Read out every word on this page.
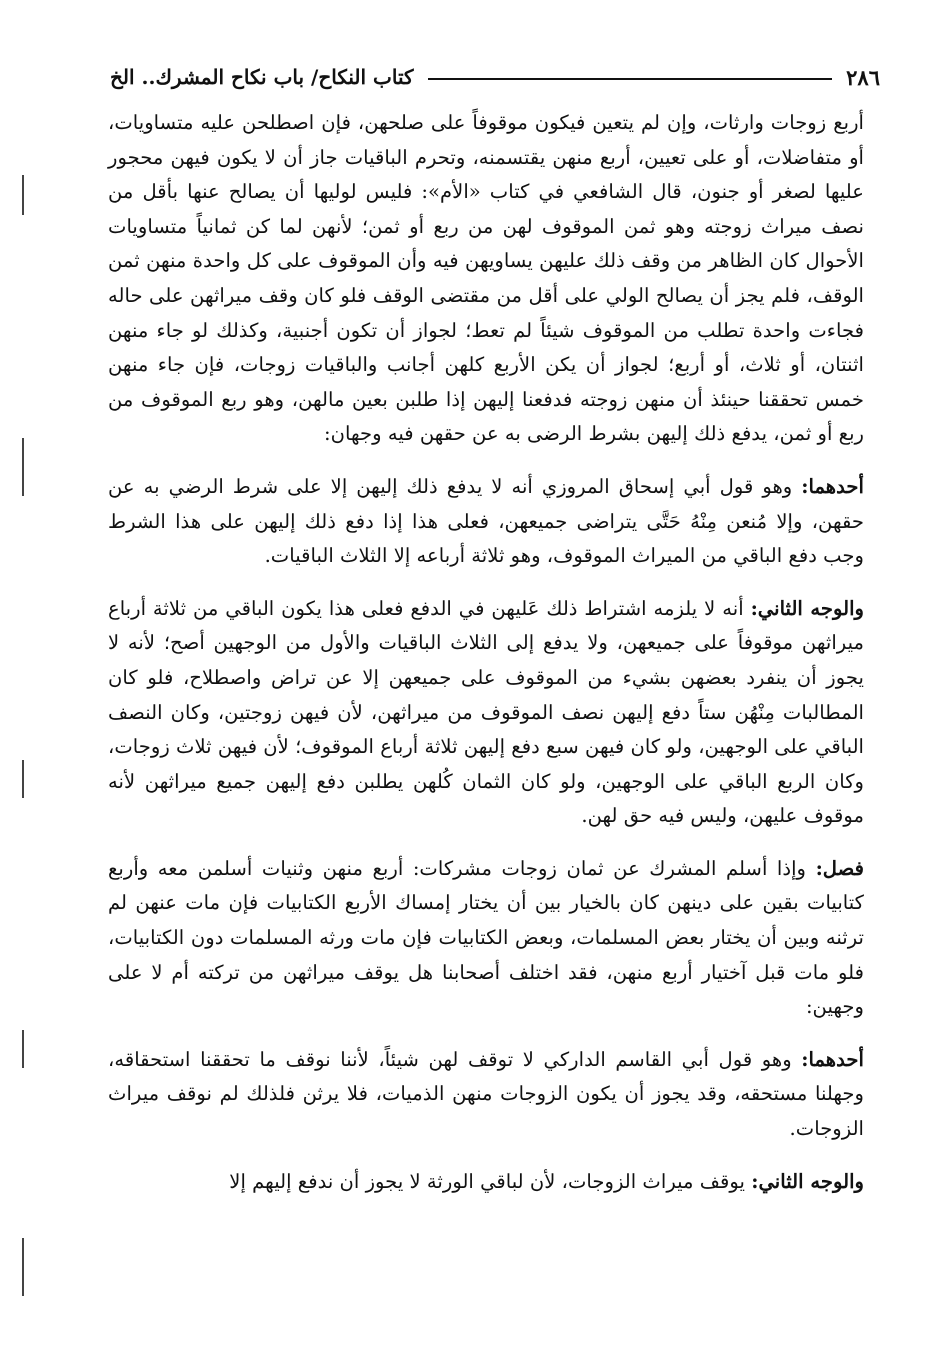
٢٨٦
كتاب النكاح/ باب نكاح المشرك.. الخ

أربع زوجات وارثات، وإن لم يتعين فيكون موقوفاً على صلحهن، فإن اصطلحن عليه متساويات، أو متفاضلات، أو على تعيين، أربع منهن يقتسمنه، وتحرم الباقيات جاز أن لا يكون فيهن محجور عليها لصغر أو جنون، قال الشافعي في كتاب «الأم»: فليس لوليها أن يصالح عنها بأقل من نصف ميراث زوجته وهو ثمن الموقوف لهن من ربع أو ثمن؛ لأنهن لما كن ثمانياً متساويات الأحوال كان الظاهر من وقف ذلك عليهن يساويهن فيه وأن الموقوف على كل واحدة منهن ثمن الوقف، فلم يجز أن يصالح الولي على أقل من مقتضى الوقف فلو كان وقف ميراثهن على حاله فجاءت واحدة تطلب من الموقوف شيئاً لم تعط؛ لجواز أن تكون أجنبية، وكذلك لو جاء منهن اثنتان، أو ثلاث، أو أربع؛ لجواز أن يكن الأربع كلهن أجانب والباقيات زوجات، فإن جاء منهن خمس تحققنا حينئذ أن منهن زوجته فدفعنا إليهن إذا طلبن بعين مالهن، وهو ربع الموقوف من ربع أو ثمن، يدفع ذلك إليهن بشرط الرضى به عن حقهن فيه وجهان:

أحدهما: وهو قول أبي إسحاق المروزي أنه لا يدفع ذلك إليهن إلا على شرط الرضي به عن حقهن، وإلا مُنعن مِنْهُ حَتَّى يتراضى جميعهن، فعلى هذا إذا دفع ذلك إليهن على هذا الشرط وجب دفع الباقي من الميراث الموقوف، وهو ثلاثة أرباعه إلا الثلاث الباقيات.

والوجه الثاني: أنه لا يلزمه اشتراط ذلك عَليهن في الدفع فعلى هذا يكون الباقي من ثلاثة أرباع ميراثهن موقوفاً على جميعهن، ولا يدفع إلى الثلاث الباقيات والأول من الوجهين أصح؛ لأنه لا يجوز أن ينفرد بعضهن بشيء من الموقوف على جميعهن إلا عن تراض واصطلاح، فلو كان المطالبات مِنْهُن ستاً دفع إليهن نصف الموقوف من ميراثهن، لأن فيهن زوجتين، وكان النصف الباقي على الوجهين، ولو كان فيهن سبع دفع إليهن ثلاثة أرباع الموقوف؛ لأن فيهن ثلاث زوجات، وكان الربع الباقي على الوجهين، ولو كان الثمان كُلهن يطلبن دفع إليهن جميع ميراثهن لأنه موقوف عليهن، وليس فيه حق لهن.

فصل: وإذا أسلم المشرك عن ثمان زوجات مشركات: أربع منهن وثنيات أسلمن معه وأربع كتابيات بقين على دينهن كان بالخيار بين أن يختار إمساك الأربع الكتابيات فإن مات عنهن لم ترثنه وبين أن يختار بعض المسلمات، وبعض الكتابيات فإن مات ورثه المسلمات دون الكتابيات، فلو مات قبل آختيار أربع منهن، فقد اختلف أصحابنا هل يوقف ميراثهن من تركته أم لا على وجهين:

أحدهما: وهو قول أبي القاسم الداركي لا توقف لهن شيئاً، لأننا نوقف ما تحققنا استحقاقه، وجهلنا مستحقه، وقد يجوز أن يكون الزوجات منهن الذميات، فلا يرثن فلذلك لم نوقف ميراث الزوجات.

والوجه الثاني: يوقف ميراث الزوجات، لأن لباقي الورثة لا يجوز أن ندفع إليهم إلا
